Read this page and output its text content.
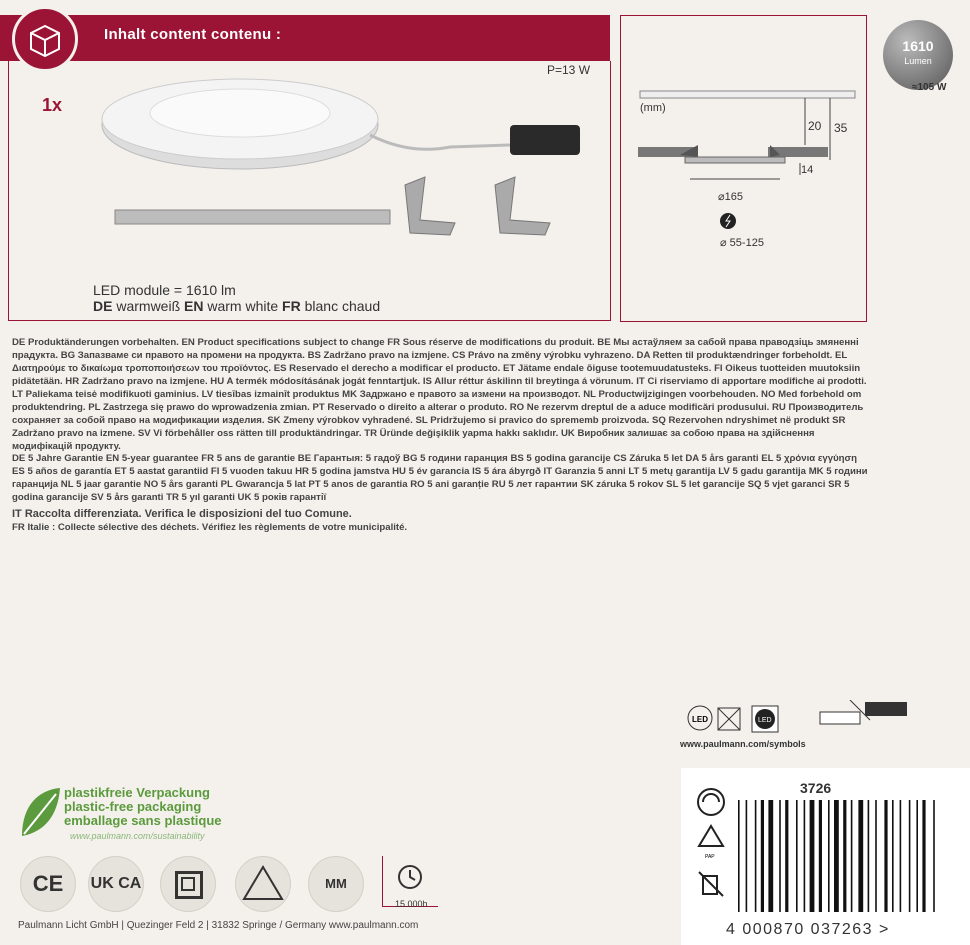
Inhalt content contenu :
1x
P=13 W
LED module = 1610 lm
DE warmweiß EN warm white FR blanc chaud
1610
Lumen
≈105 W
(mm)
20 35
14
⌀165
⌀ 55-125
DE Produktänderungen vorbehalten. EN Product specifications subject to change FR Sous réserve de modifications du produit. BE Мы астаўляем за сабой права праводзіць змяненні прадукта. BG Запазваме си правото на промени на продукта. BS Zadržano pravo na izmjene. CS Právo na změny výrobku vyhrazeno. DA Retten til produktændringer forbeholdt. EL Διατηρούμε το δικαίωμα τροποποιήσεων του προϊόντος. ES Reservado el derecho a modificar el producto. ET Jätame endale õiguse tootemuudatusteks. FI Oikeus tuotteiden muutoksiin pidätetään. HR Zadržano pravo na izmjene. HU A termék módosításának jogát fenntartjuk. IS Allur réttur áskilinn til breytinga á vörunum. IT Ci riserviamo di apportare modifiche ai prodotti. LT Paliekama teisė modifikuoti gaminius. LV tiesības izmainīt produktus MK Задржано е правото за измени на производот. NL Productwijzigingen voorbehouden. NO Med forbehold om produktendring. PL Zastrzega się prawo do wprowadzenia zmian. PT Reservado o direito a alterar o produto. RO Ne rezervm dreptul de a aduce modificări produsului. RU Производитель сохраняет за собой право на модификации изделия. SK Zmeny výrobkov vyhradené. SL Pridržujemo si pravico do sprememb proizvoda. SQ Rezervohen ndryshimet në produkt SR Zadržano pravo na izmene. SV Vi förbehåller oss rätten till produktändringar. TR Üründe değişiklik yapma hakkı saklıdır. UK Виробник залишає за собою права на здійснення модифікацій продукту.
DE 5 Jahre Garantie EN 5-year guarantee FR 5 ans de garantie BE Гарантыя: 5 гадоў BG 5 години гаранция BS 5 godina garancije CS Záruka 5 let DA 5 års garanti EL 5 χρόνια εγγύηση ES 5 años de garantía ET 5 aastat garantiid FI 5 vuoden takuu HR 5 godina jamstva HU 5 év garancia IS 5 ára ábyrgð IT Garanzia 5 anni LT 5 metų garantija LV 5 gadu garantija MK 5 години гаранција NL 5 jaar garantie NO 5 års garanti PL Gwarancja 5 lat PT 5 anos de garantia RO 5 ani garanție RU 5 лет гарантии SK záruka 5 rokov SL 5 let garancije SQ 5 vjet garanci SR 5 godina garancije SV 5 års garanti TR 5 yıl garanti UK 5 років гарантії
IT Raccolta differenziata. Verifica le disposizioni del tuo Comune.
FR Italie : Collecte sélective des déchets. Vérifiez les règlements de votre municipalité.
LED	LED
www.paulmann.com/symbols
plastikfreie Verpackung
plastic-free packaging
emballage sans plastique
www.paulmann.com/sustainability
CE	UK CA	MM
15.000h
3726
PAP
4 000870 037263 >
Paulmann Licht GmbH | Quezinger Feld 2 | 31832 Springe / Germany www.paulmann.com
